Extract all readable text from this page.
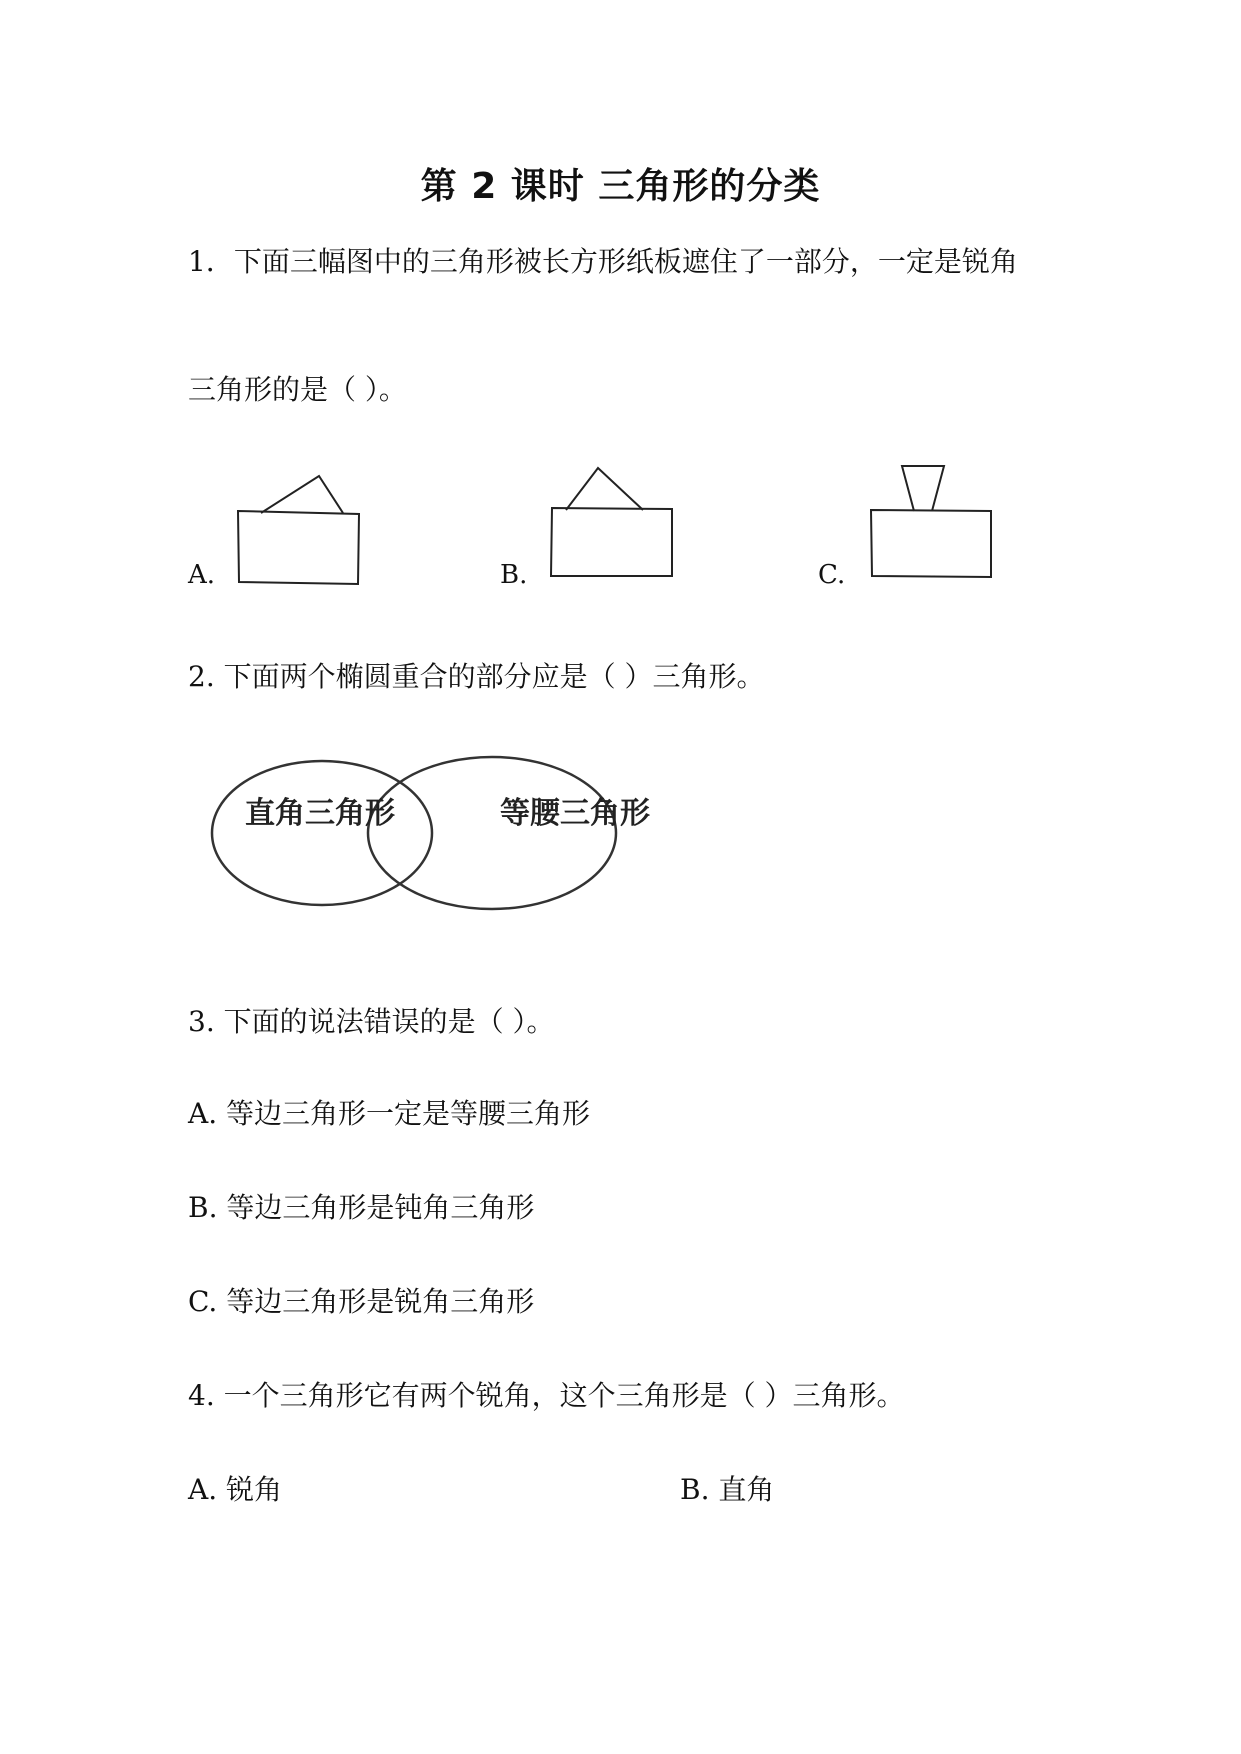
第 2 课时 三角形的分类
1．下面三幅图中的三角形被长方形纸板遮住了一部分，一定是锐角
三角形的是（ ）。
A.	B.	C.
2. 下面两个椭圆重合的部分应是（ ）三角形。
直角三角形	等腰三角形
3. 下面的说法错误的是（ ）。
A. 等边三角形一定是等腰三角形
B. 等边三角形是钝角三角形
C. 等边三角形是锐角三角形
4. 一个三角形它有两个锐角，这个三角形是（ ）三角形。
A. 锐角	B. 直角
